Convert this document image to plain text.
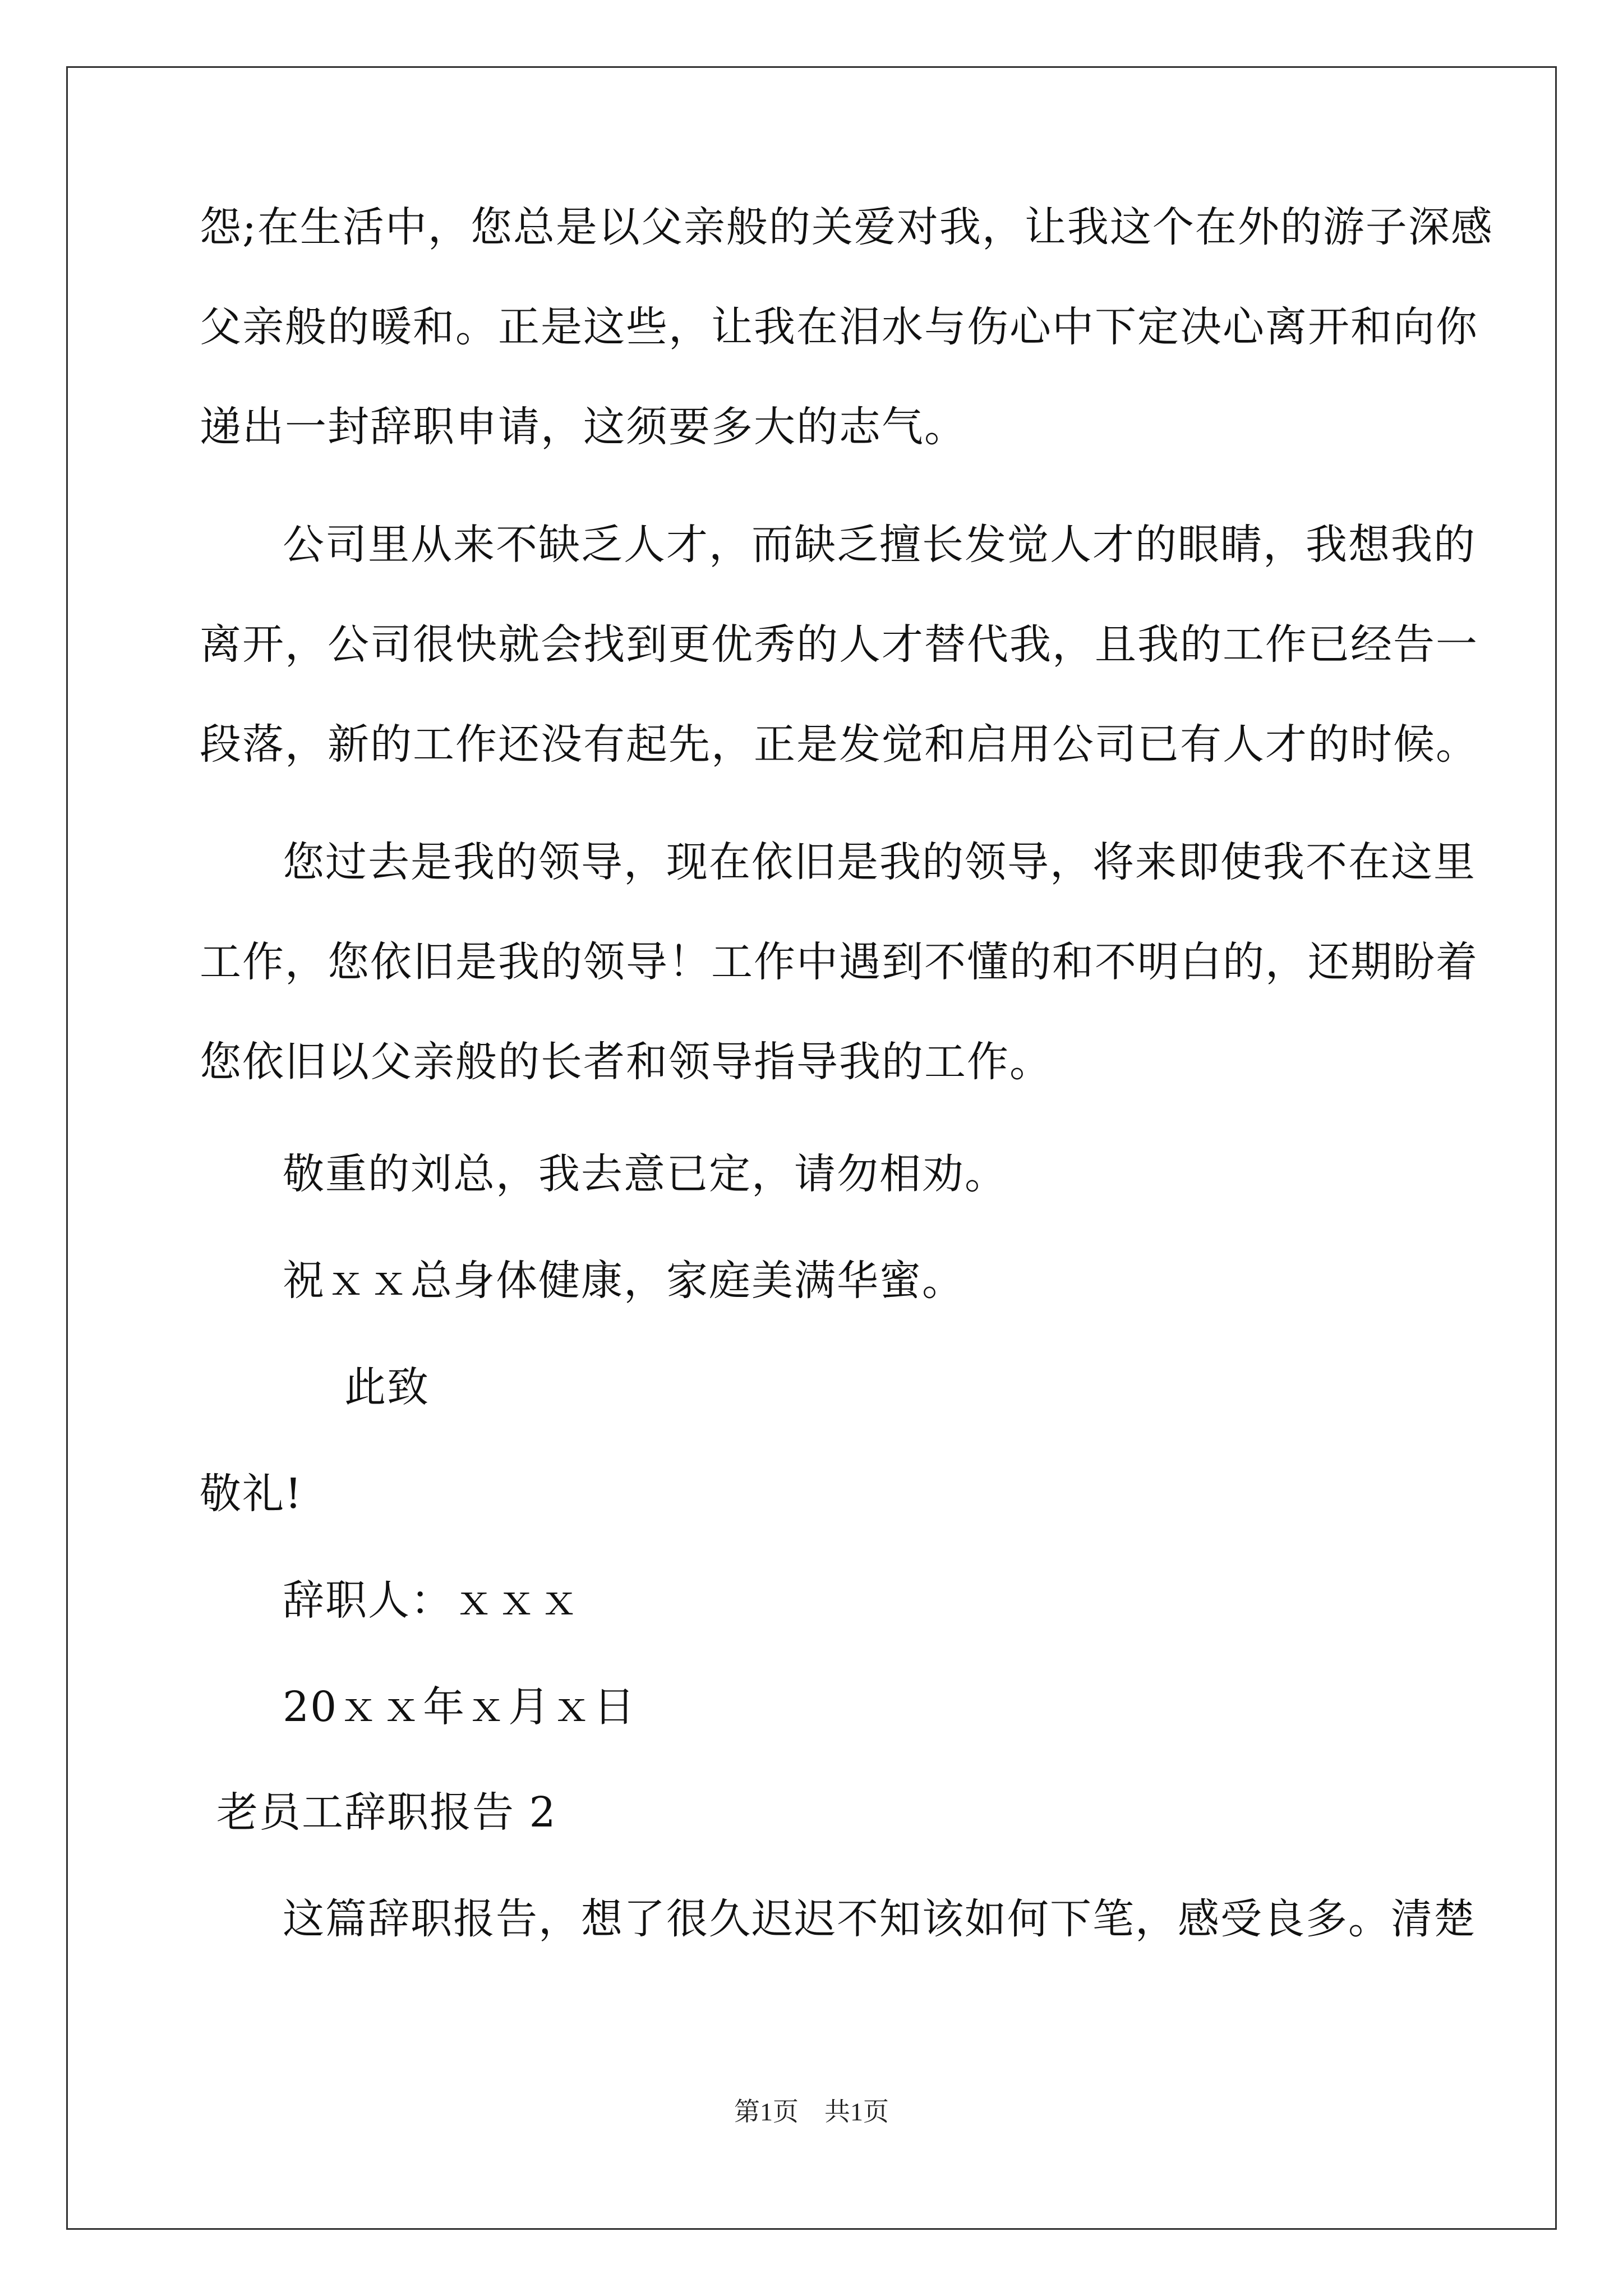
怨;在生活中，您总是以父亲般的关爱对我，让我这个在外的游子深感
父亲般的暖和。正是这些，让我在泪水与伤心中下定决心离开和向你
递出一封辞职申请，这须要多大的志气。
公司里从来不缺乏人才，而缺乏擅长发觉人才的眼睛，我想我的
离开，公司很快就会找到更优秀的人才替代我，且我的工作已经告一
段落，新的工作还没有起先，正是发觉和启用公司已有人才的时候。
您过去是我的领导，现在依旧是我的领导，将来即使我不在这里
工作，您依旧是我的领导！工作中遇到不懂的和不明白的，还期盼着
您依旧以父亲般的长者和领导指导我的工作。
敬重的刘总，我去意已定，请勿相劝。
祝ｘｘ总身体健康，家庭美满华蜜。
此致
敬礼!
辞职人：ｘｘｘ
20ｘｘ年ｘ月ｘ日
老员工辞职报告 2
这篇辞职报告，想了很久迟迟不知该如何下笔，感受良多。清楚
第1页　共1页
